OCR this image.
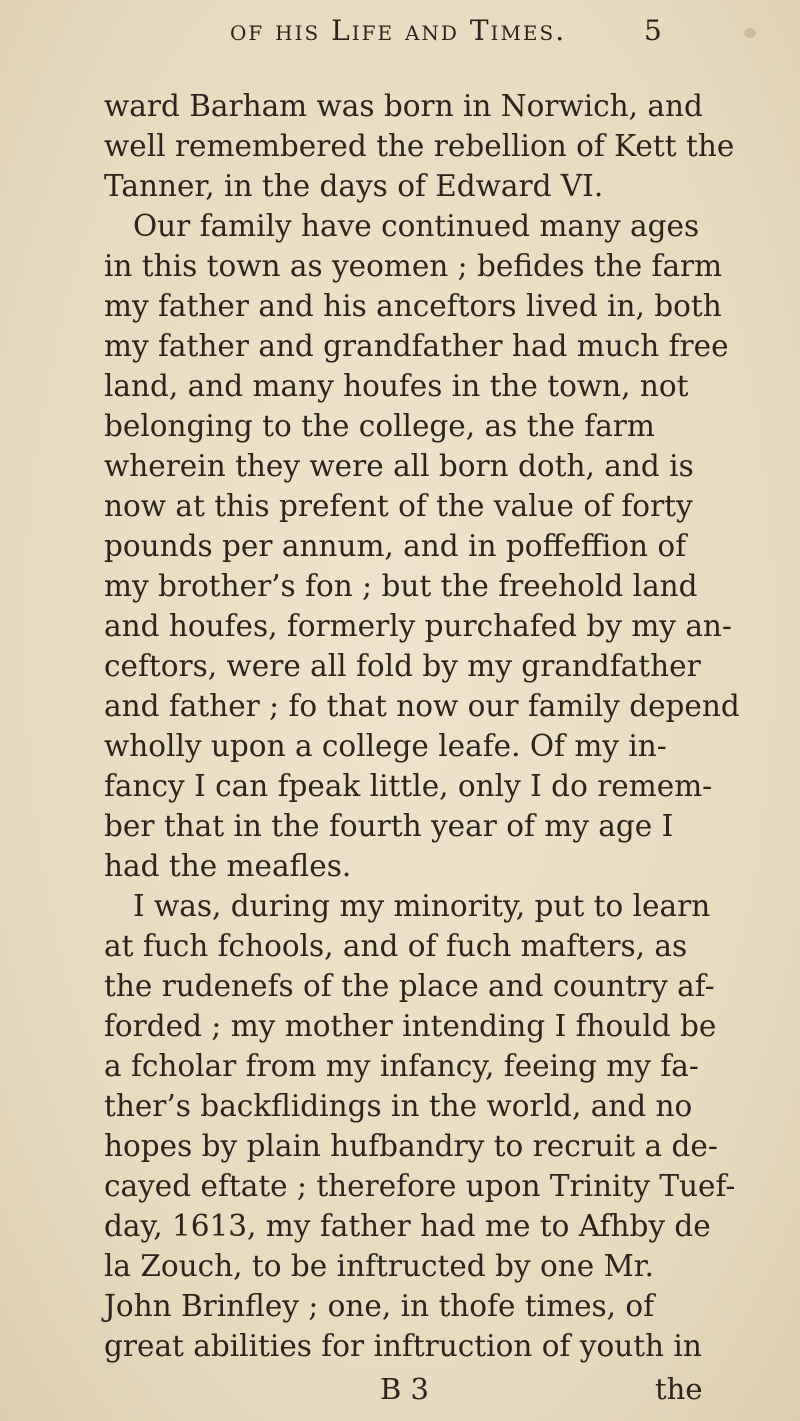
of his Life and Times.	5
ward Barham was born in Norwich, and
well remembered the rebellion of Kett the
Tanner, in the days of Edward VI.
Our family have continued many ages
in this town as yeomen ; befides the farm
my father and his anceftors lived in, both
my father and grandfather had much free
land, and many houfes in the town, not
belonging to the college, as the farm
wherein they were all born doth, and is
now at this prefent of the value of forty
pounds per annum, and in poffeffion of
my brother’s fon ; but the freehold land
and houfes, formerly purchafed by my an-
ceftors, were all fold by my grandfather
and father ; fo that now our family depend
wholly upon a college leafe. Of my in-
fancy I can fpeak little, only I do remem-
ber that in the fourth year of my age I
had the meafles.
I was, during my minority, put to learn
at fuch fchools, and of fuch mafters, as
the rudenefs of the place and country af-
forded ; my mother intending I fhould be
a fcholar from my infancy, feeing my fa-
ther’s backflidings in the world, and no
hopes by plain hufbandry to recruit a de-
cayed eftate ; therefore upon Trinity Tuef-
day, 1613, my father had me to Afhby de
la Zouch, to be inftructed by one Mr.
John Brinfley ; one, in thofe times, of
great abilities for inftruction of youth in
B 3	the
